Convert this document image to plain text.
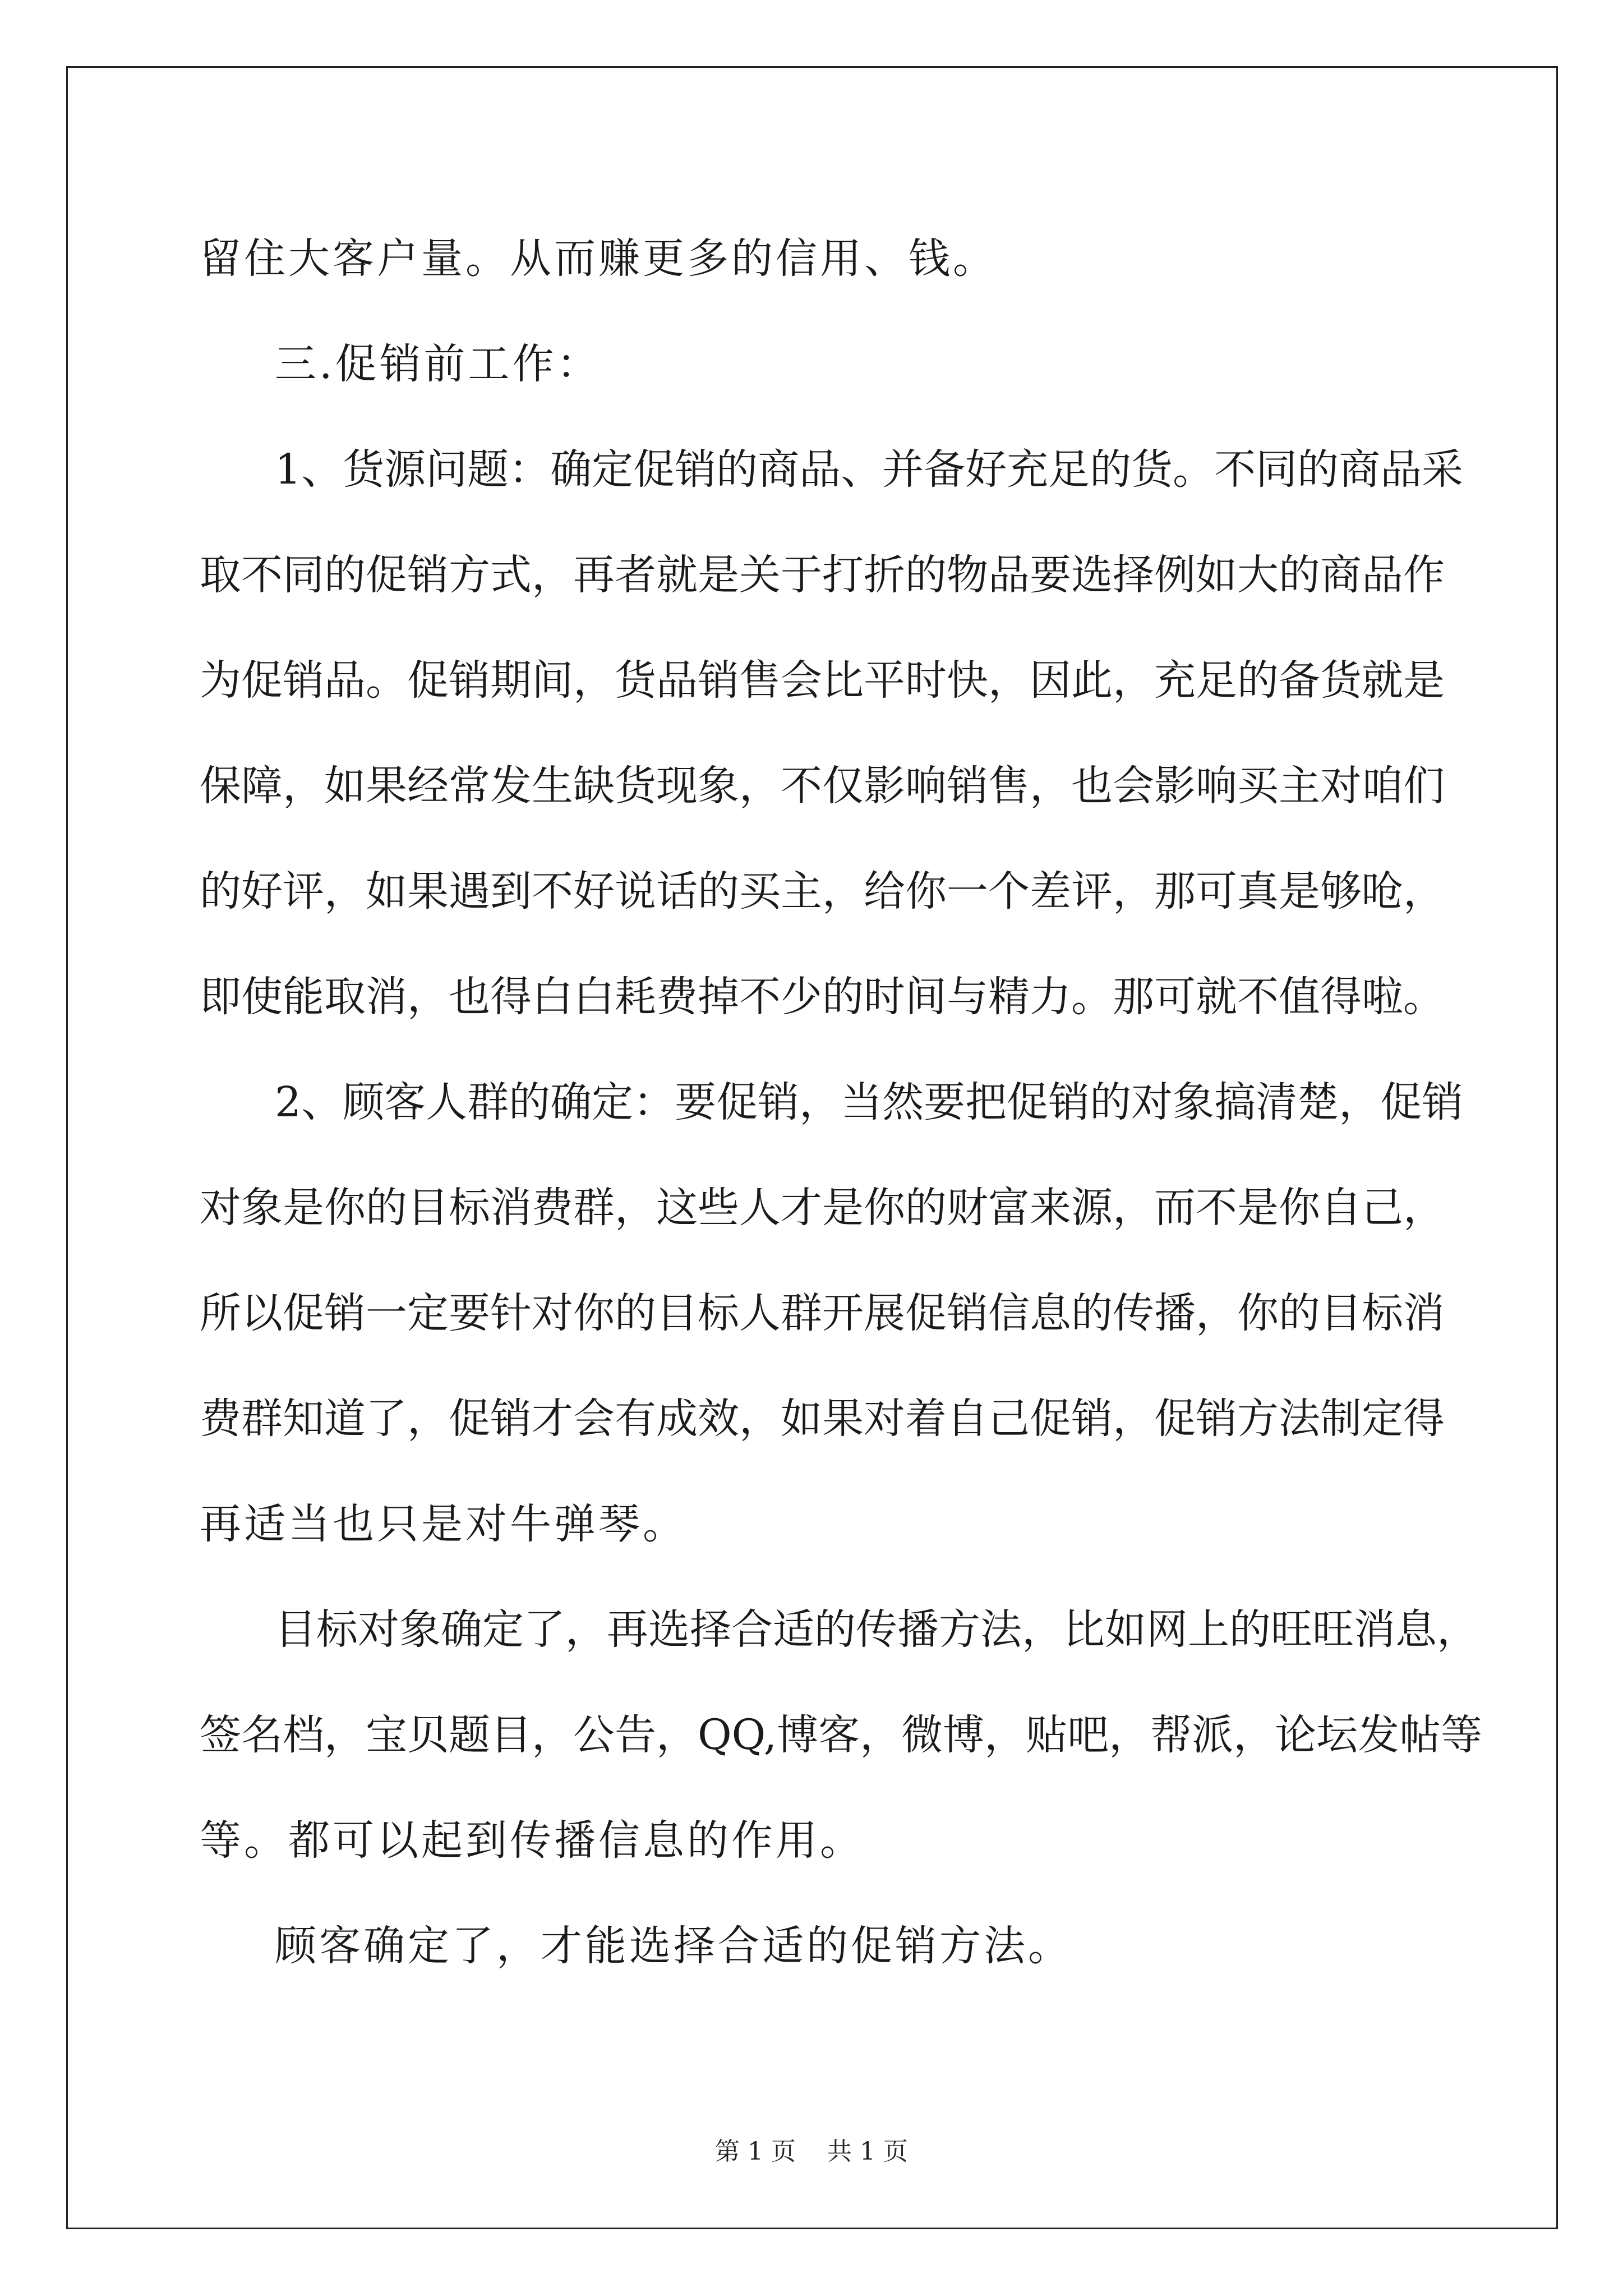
留住大客户量。从而赚更多的信用、钱。
三.促销前工作：
1、货源问题：确定促销的商品、并备好充足的货。不同的商品采
取不同的促销方式，再者就是关于打折的物品要选择例如大的商品作
为促销品。促销期间，货品销售会比平时快，因此，充足的备货就是
保障，如果经常发生缺货现象，不仅影响销售，也会影响买主对咱们
的好评，如果遇到不好说话的买主，给你一个差评，那可真是够呛，
即使能取消，也得白白耗费掉不少的时间与精力。那可就不值得啦。
2、顾客人群的确定：要促销，当然要把促销的对象搞清楚，促销
对象是你的目标消费群，这些人才是你的财富来源，而不是你自己，
所以促销一定要针对你的目标人群开展促销信息的传播，你的目标消
费群知道了，促销才会有成效，如果对着自己促销，促销方法制定得
再适当也只是对牛弹琴。
目标对象确定了，再选择合适的传播方法，比如网上的旺旺消息，
签名档，宝贝题目，公告，QQ,博客，微博，贴吧，帮派，论坛发帖等
等。都可以起到传播信息的作用。
顾客确定了，才能选择合适的促销方法。
第 1 页    共 1 页
